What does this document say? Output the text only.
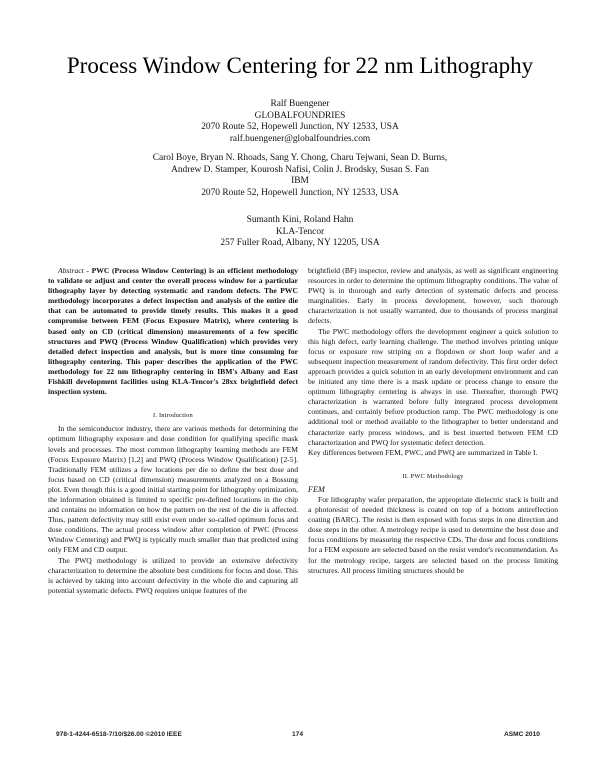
Process Window Centering for 22 nm Lithography
Ralf Buengener
GLOBALFOUNDRIES
2070 Route 52, Hopewell Junction, NY 12533, USA
ralf.buengener@globalfoundries.com
Carol Boye, Bryan N. Rhoads, Sang Y. Chong, Charu Tejwani, Sean D. Burns,
Andrew D. Stamper, Kourosh Nafisi, Colin J. Brodsky, Susan S. Fan
IBM
2070 Route 52, Hopewell Junction, NY 12533, USA
Sumanth Kini, Roland Hahn
KLA-Tencor
257 Fuller Road, Albany, NY 12205, USA

Abstract - PWC (Process Window Centering) is an efficient methodology to validate or adjust and center the overall process window for a particular lithography layer by detecting systematic and random defects. The PWC methodology incorporates a defect inspection and analysis of the entire die that can be automated to provide timely results. This makes it a good compromise between FEM (Focus Exposure Matrix), where centering is based only on CD (critical dimension) measurements of a few specific structures and PWQ (Process Window Qualification) which provides very detailed defect inspection and analysis, but is more time consuming for lithography centering. This paper describes the application of the PWC methodology for 22 nm lithography centering in IBM's Albany and East Fishkill development facilities using KLA-Tencor's 28xx brightfield defect inspection system.

I. Introduction

In the semiconductor industry, there are various methods for determining the optimum lithography exposure and dose condition for qualifying specific mask levels and processes. The most common lithography learning methods are FEM (Focus Exposure Matrix) [1,2] and PWQ (Process Window Qualification) [2-5]. Traditionally FEM utilizes a few locations per die to define the best dose and focus based on CD (critical dimension) measurements analyzed on a Bossung plot. Even though this is a good initial starting point for lithography optimization, the information obtained is limited to specific pre-defined locations in the chip and contains no information on how the pattern on the rest of the die is affected. Thus, pattern defectivity may still exist even under so-called optimum focus and dose conditions. The actual process window after completion of PWC (Process Window Centering) and PWQ is typically much smaller than that predicted using only FEM and CD output.

The PWQ methodology is utilized to provide an extensive defectivity characterization to determine the absolute best conditions for focus and dose. This is achieved by taking into account defectivity in the whole die and capturing all potential systematic defects. PWQ requires unique features of the

brightfield (BF) inspector, review and analysis, as well as significant engineering resources in order to determine the optimum lithography conditions. The value of PWQ is in thorough and early detection of systematic defects and process marginalities. Early in process development, however, such thorough characterization is not usually warranted, due to thousands of process marginal defects.

The PWC methodology offers the development engineer a quick solution to this high defect, early learning challenge. The method involves printing unique focus or exposure row striping on a flopdown or short loop wafer and a subsequent inspection measurement of random defectivity. This first order defect approach provides a quick solution in an early development environment and can be initiated any time there is a mask update or process change to ensure the optimum lithography centering is always in use. Thereafter, thorough PWQ characterization is warranted before fully integrated process development continues, and certainly before production ramp. The PWC methodology is one additional tool or method available to the lithographer to better understand and characterize early process windows, and is best inserted between FEM CD characterization and PWQ for systematic defect detection.

Key differences between FEM, PWC, and PWQ are summarized in Table I.

II. PWC Methodology
FEM

For lithography wafer preparation, the appropriate dielectric stack is built and a photoresist of needed thickness is coated on top of a bottom antireflection coating (BARC). The resist is then exposed with focus steps in one direction and dose steps in the other. A metrology recipe is used to determine the best dose and focus conditions by measuring the respective CDs. The dose and focus conditions for a FEM exposure are selected based on the resist vendor's recommendation. As for the metrology recipe, targets are selected based on the process limiting structures. All process limiting structures should be

978-1-4244-6518-7/10/$26.00 ©2010 IEEE	174	ASMC 2010
